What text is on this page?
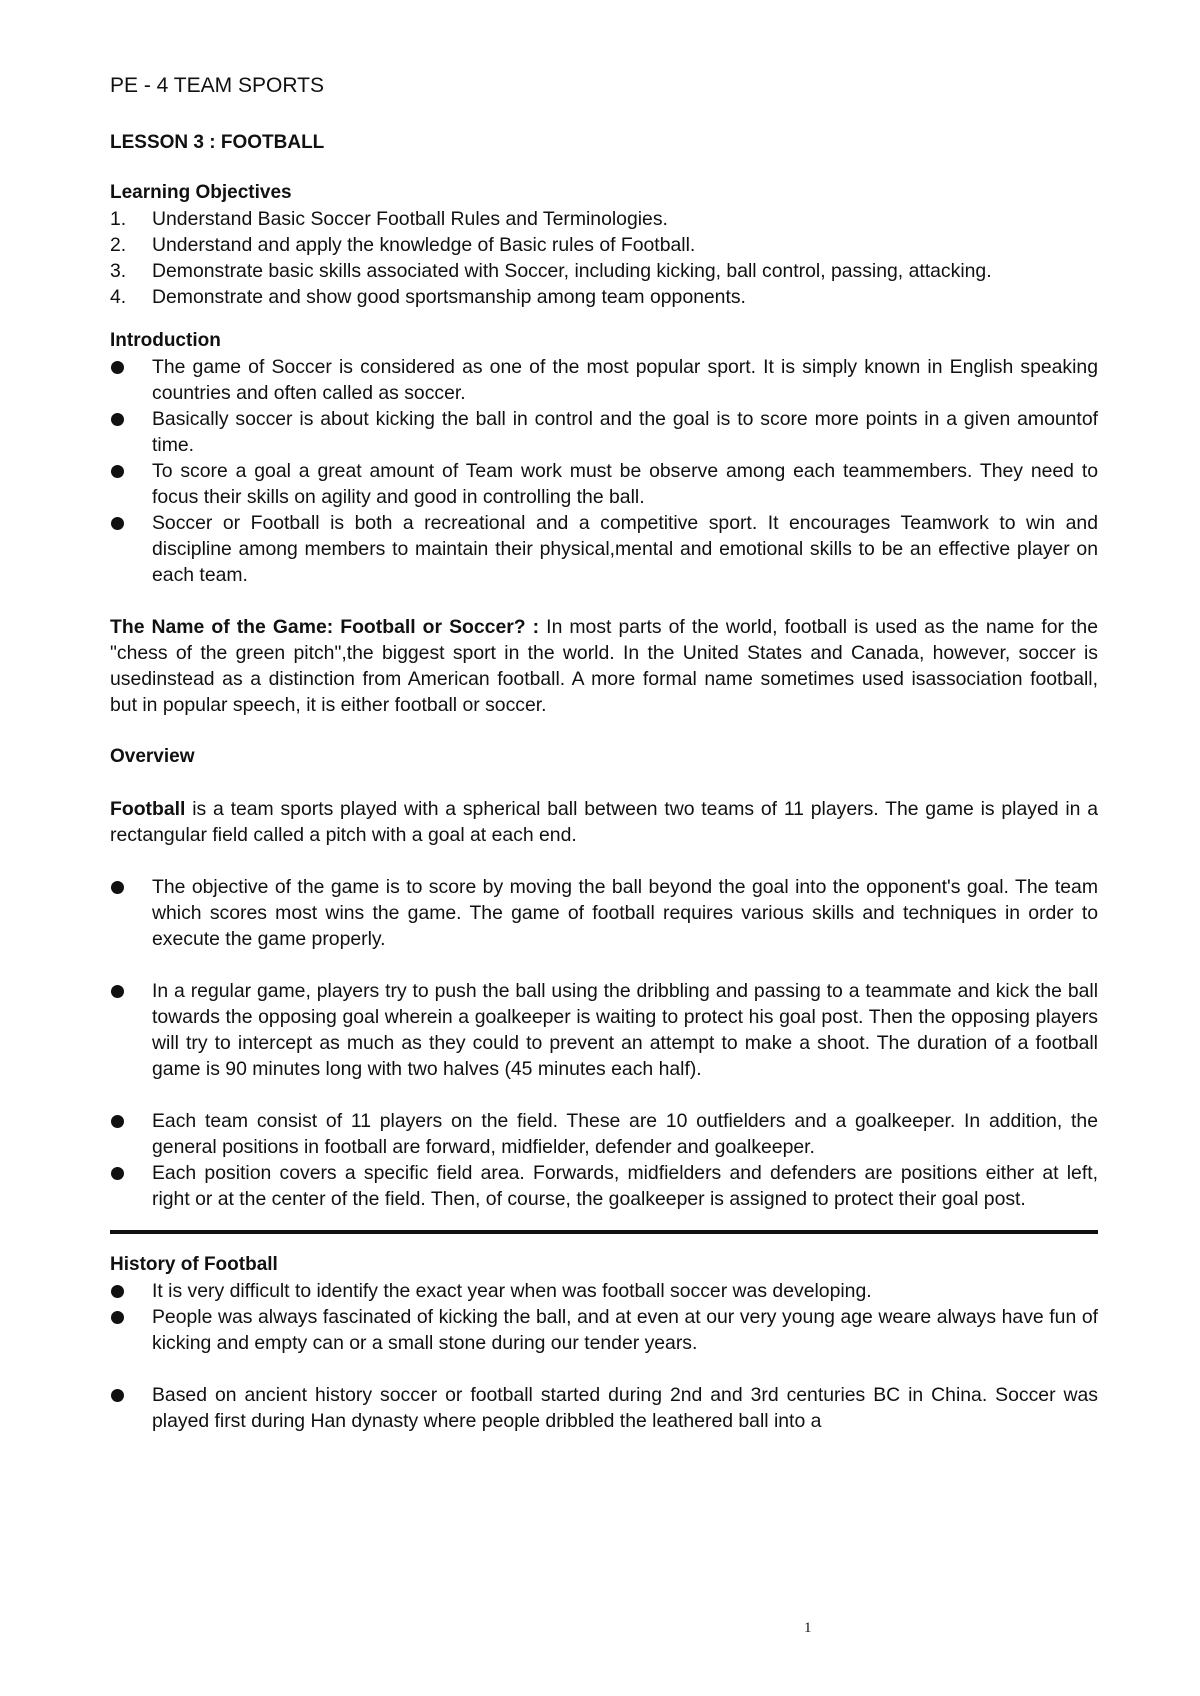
PE - 4 TEAM SPORTS
LESSON 3 : FOOTBALL
Learning Objectives
1. Understand Basic Soccer Football Rules and Terminologies.
2. Understand and apply the knowledge of Basic rules of Football.
3. Demonstrate basic skills associated with Soccer, including kicking, ball control, passing, attacking.
4. Demonstrate and show good sportsmanship among team opponents.
Introduction
The game of Soccer is considered as one of the most popular sport. It is simply known in English speaking countries and often called as soccer.
Basically soccer is about kicking the ball in control and the goal is to score more points in a given amountof time.
To score a goal a great amount of Team work must be observe among each teammembers. They need to focus their skills on agility and good in controlling the ball.
Soccer or Football is both a recreational and a competitive sport. It encourages Teamwork to win and discipline among members to maintain their physical,mental and emotional skills to be an effective player on each team.

The Name of the Game: Football or Soccer? : In most parts of the world, football is used as the name for the "chess of the green pitch",the biggest sport in the world. In the United States and Canada, however, soccer is usedinstead as a distinction from American football. A more formal name sometimes used isassociation football, but in popular speech, it is either football or soccer.

Overview

Football is a team sports played with a spherical ball between two teams of 11 players. The game is played in a rectangular field called a pitch with a goal at each end.

The objective of the game is to score by moving the ball beyond the goal into the opponent's goal. The team which scores most wins the game. The game of football requires various skills and techniques in order to execute the game properly.
In a regular game, players try to push the ball using the dribbling and passing to a teammate and kick the ball towards the opposing goal wherein a goalkeeper is waiting to protect his goal post. Then the opposing players will try to intercept as much as they could to prevent an attempt to make a shoot. The duration of a football game is 90 minutes long with two halves (45 minutes each half).
Each team consist of 11 players on the field. These are 10 outfielders and a goalkeeper. In addition, the general positions in football are forward, midfielder, defender and goalkeeper.
Each position covers a specific field area. Forwards, midfielders and defenders are positions either at left, right or at the center of the field. Then, of course, the goalkeeper is assigned to protect their goal post.
History of Football
It is very difficult to identify the exact year when was football soccer was developing.
People was always fascinated of kicking the ball, and at even at our very young age weare always have fun of kicking and empty can or a small stone during our tender years.
Based on ancient history soccer or football started during 2nd and 3rd centuries BC in China. Soccer was played first during Han dynasty where people dribbled the leathered ball into a
1
